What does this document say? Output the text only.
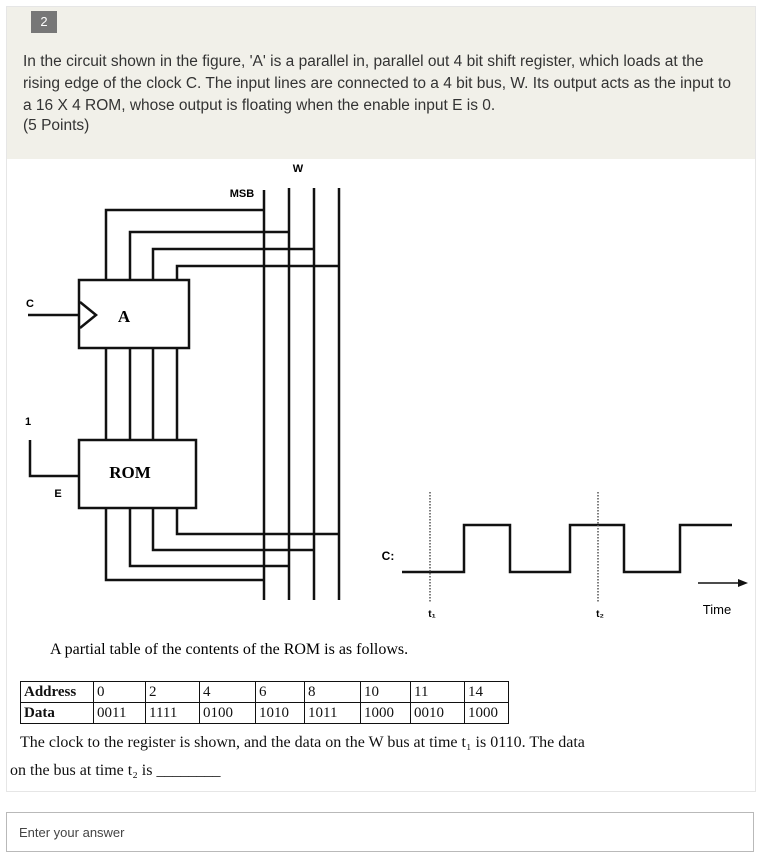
2
In the circuit shown in the figure, 'A' is a parallel in, parallel out 4 bit shift register, which loads at the rising edge of the clock C. The input lines are connected to a 4 bit bus, W. Its output acts as the input to a 16 X 4 ROM, whose output is floating when the enable input E is 0.
(5 Points)
W
MSB
C
A
1
E
ROM
C:
t₁	t₂	Time
A partial table of the contents of the ROM is as follows.
Address	0	2	4	6	8	10	11	14
Data	0011	1111	0100	1010	1011	1000	0010	1000
The clock to the register is shown, and the data on the W bus at time t₁ is 0110. The data
on the bus at time t₂ is ________
Enter your answer
